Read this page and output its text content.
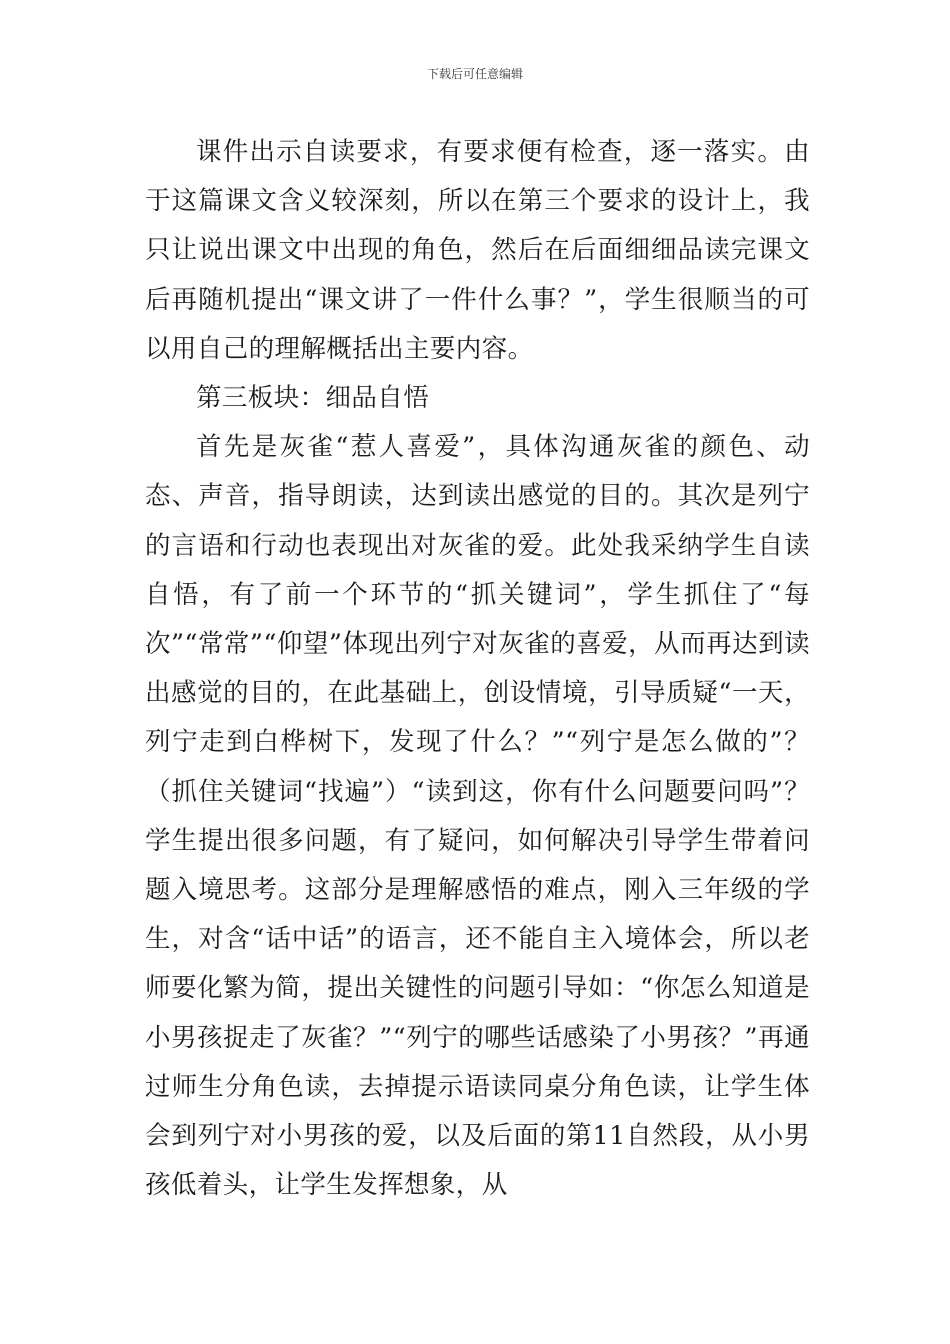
下载后可任意编辑

课件出示自读要求，有要求便有检查，逐一落实。由于这篇课文含义较深刻，所以在第三个要求的设计上，我只让说出课文中出现的角色，然后在后面细细品读完课文后再随机提出“课文讲了一件什么事？”，学生很顺当的可以用自己的理解概括出主要内容。

第三板块：细品自悟

首先是灰雀“惹人喜爱”，具体沟通灰雀的颜色、动态、声音，指导朗读，达到读出感觉的目的。其次是列宁的言语和行动也表现出对灰雀的爱。此处我采纳学生自读自悟，有了前一个环节的“抓关键词”，学生抓住了“每次”“常常”“仰望”体现出列宁对灰雀的喜爱，从而再达到读出感觉的目的，在此基础上，创设情境，引导质疑“一天，列宁走到白桦树下，发现了什么？”“列宁是怎么做的”？（抓住关键词“找遍”）“读到这，你有什么问题要问吗”？学生提出很多问题，有了疑问，如何解决引导学生带着问题入境思考。这部分是理解感悟的难点，刚入三年级的学生，对含“话中话”的语言，还不能自主入境体会，所以老师要化繁为简，提出关键性的问题引导如：“你怎么知道是小男孩捉走了灰雀？”“列宁的哪些话感染了小男孩？”再通过师生分角色读，去掉提示语读同桌分角色读，让学生体会到列宁对小男孩的爱，以及后面的第11自然段，从小男孩低着头，让学生发挥想象，从
